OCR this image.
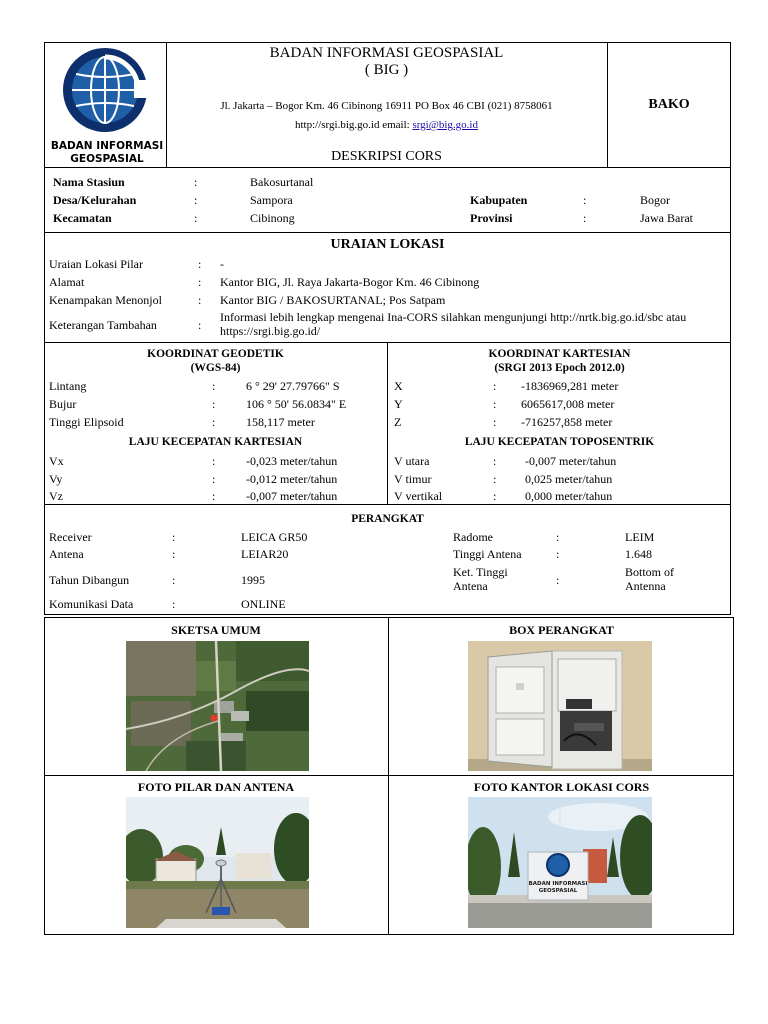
BADAN INFORMASI
GEOSPASIAL
BADAN INFORMASI GEOSPASIAL
( BIG )
Jl. Jakarta – Bogor Km. 46 Cibinong 16911 PO Box 46 CBI (021) 8758061
http://srgi.big.go.id email: srgi@big.go.id
DESKRIPSI CORS
BAKO
Nama Stasiun	:	Bakosurtanal
Desa/Kelurahan	:	Sampora
Kecamatan	:	Cibinong
Kabupaten	:	Bogor
Provinsi	:	Jawa Barat
URAIAN LOKASI
Uraian Lokasi Pilar	: -
Alamat	: Kantor BIG, Jl. Raya Jakarta-Bogor Km. 46 Cibinong
Kenampakan Menonjol	: Kantor BIG / BAKOSURTANAL; Pos Satpam
Keterangan Tambahan	:
Informasi lebih lengkap mengenai Ina-CORS silahkan mengunjungi http://nrtk.big.go.id/sbc atau
https://srgi.big.go.id/
KOORDINAT GEODETIK
(WGS-84)
Lintang	:	6 ° 29' 27.79766" S
Bujur	:	106 ° 50' 56.0834" E
Tinggi Elipsoid	:	158,117 meter
KOORDINAT KARTESIAN
(SRGI 2013 Epoch 2012.0)
X	: -1836969,281 meter
Y	: 6065617,008 meter
Z	: -716257,858 meter
LAJU KECEPATAN KARTESIAN	LAJU KECEPATAN TOPOSENTRIK
Vx	:	-0,023 meter/tahun
Vy	:	-0,012 meter/tahun
Vz	:	-0,007 meter/tahun
V utara	: -0,007 meter/tahun
V timur	: 0,025 meter/tahun
V vertikal	: 0,000 meter/tahun
PERANGKAT
Receiver	:	LEICA GR50
Antena	:	LEIAR20
Tahun Dibangun	:	1995
Komunikasi Data	:	ONLINE
Radome	:	LEIM
Tinggi Antena	:	1.648
Ket. Tinggi
Antena	:
Bottom of
Antenna
SKETSA UMUM	BOX PERANGKAT
FOTO PILAR DAN ANTENA	FOTO KANTOR LOKASI CORS
BADAN INFORMASI
GEOSPASIAL
